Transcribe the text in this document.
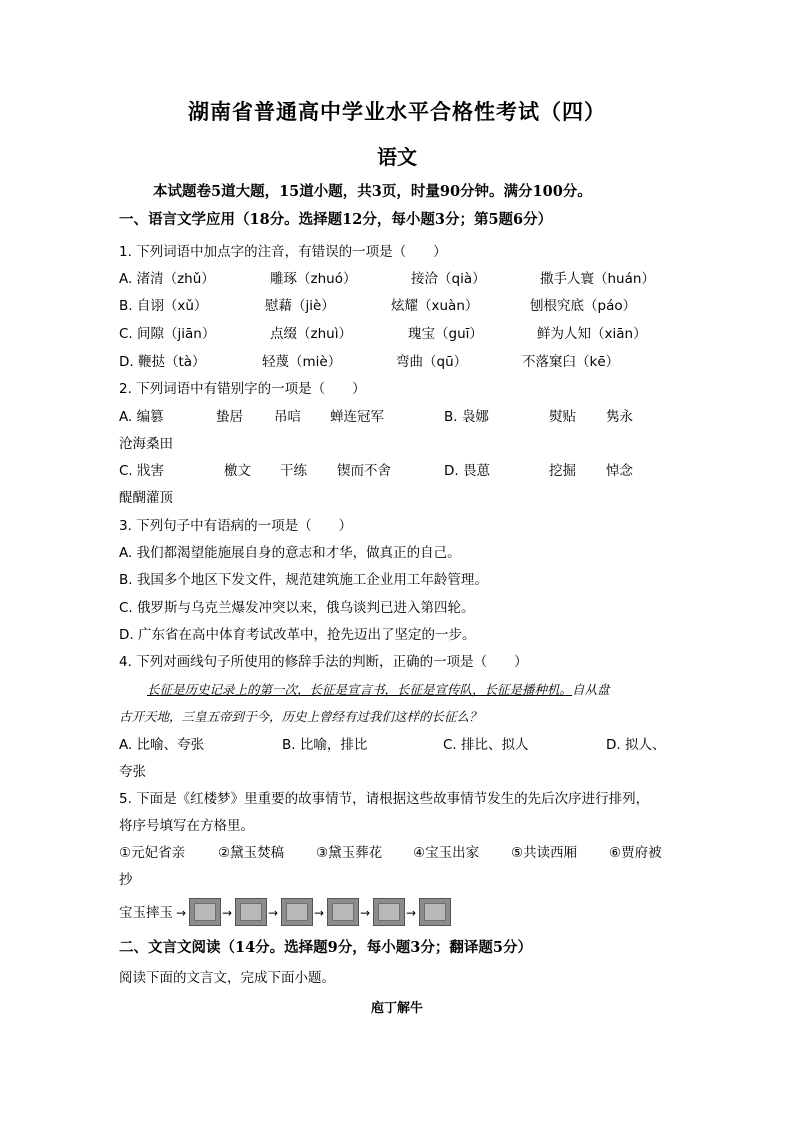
湖南省普通高中学业水平合格性考试（四）
语文
本试题卷5道大题，15道小题，共3页，时量90分钟。满分100分。
一、语言文学应用（18分。选择题12分，每小题3分；第5题6分）
1. 下列词语中加点字的注音，有错误的一项是（　　）
A. 渚清（zhǔ）	雕琢（zhuó）	接洽（qià）	撒手人寰（huán）
B. 自诩（xǔ）	慰藉（jiè）	炫耀（xuàn）	刨根究底（páo）
C. 间隙（jiān）	点缀（zhuì）	瑰宝（guī）	鲜为人知（xiān）
D. 鞭挞（tà）	轻蔑（miè）	弯曲（qū）	不落窠臼（kē）
2. 下列词语中有错别字的一项是（　　）
A. 编篡	蛰居 吊唁 蝉连冠军	B. 袅娜	熨贴 隽永
沧海桑田
C. 戕害	檄文 干练 锲而不舍	D. 畏葸	挖掘 悼念
醍醐灌顶
3. 下列句子中有语病的一项是（　　）
A. 我们都渴望能施展自身的意志和才华，做真正的自己。
B. 我国多个地区下发文件，规范建筑施工企业用工年龄管理。
C. 俄罗斯与乌克兰爆发冲突以来，俄乌谈判已进入第四轮。
D. 广东省在高中体育考试改革中，抢先迈出了坚定的一步。
4. 下列对画线句子所使用的修辞手法的判断，正确的一项是（　　）
长征是历史记录上的第一次，长征是宣言书，长征是宣传队，长征是播种机。自从盘
古开天地，三皇五帝到于今，历史上曾经有过我们这样的长征么？
A. 比喻、夸张	B. 比喻，排比	C. 排比、拟人	D. 拟人、
夸张
5. 下面是《红楼梦》里重要的故事情节，请根据这些故事情节发生的先后次序进行排列，
将序号填写在方格里。
①元妃省亲 ②黛玉焚稿 ③黛玉葬花 ④宝玉出家 ⑤共读西厢 ⑥贾府被
抄
宝玉摔玉 →	→	→	→	→	→
二、文言文阅读（14分。选择题9分，每小题3分；翻译题5分）
阅读下面的文言文，完成下面小题。
庖丁解牛
